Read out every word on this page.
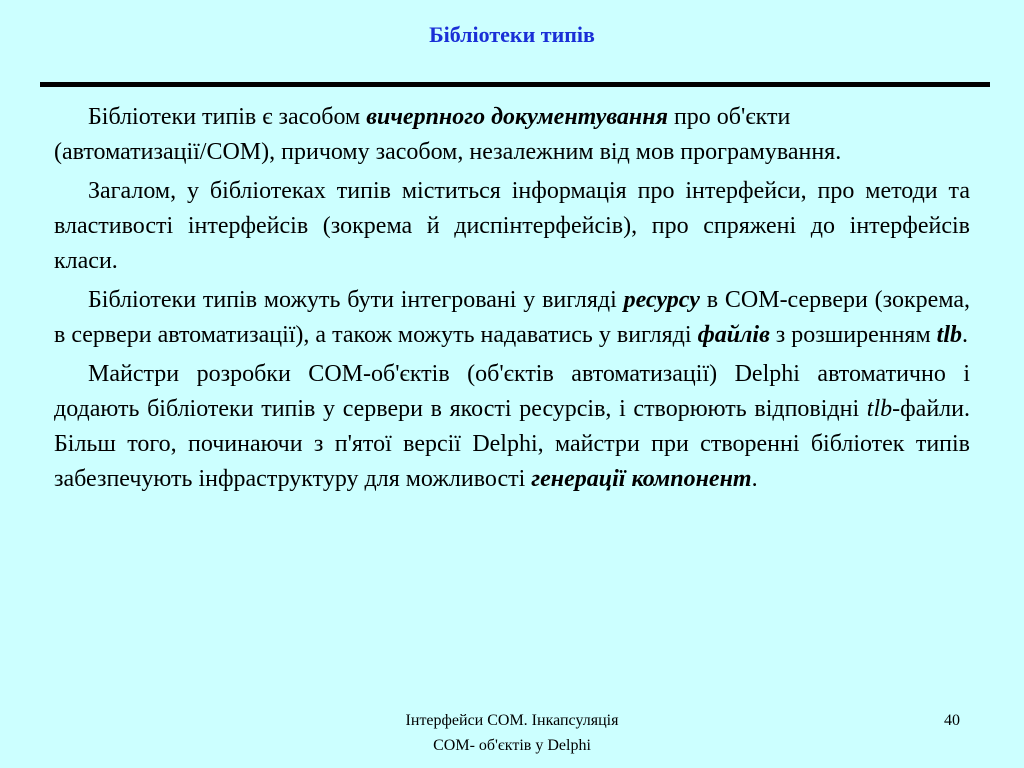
Бібліотеки типів

Бібліотеки типів є засобом вичерпного документування про об'єкти (автоматизації/COM), причому засобом, незалежним від мов програмування.

Загалом, у бібліотеках типів міститься інформація про інтерфейси, про методи та властивості інтерфейсів (зокрема й диспінтерфейсів), про спряжені до інтерфейсів класи.

Бібліотеки типів можуть бути інтегровані у вигляді ресурсу в COM-сервери (зокрема, в сервери автоматизації), а також можуть надаватись у вигляді файлів з розширенням tlb.

Майстри розробки COM-об'єктів (об'єктів автоматизації) Delphi автоматично і додають бібліотеки типів у сервери в якості ресурсів, і створюють відповідні tlb-файли. Більш того, починаючи з п'ятої версії Delphi, майстри при створенні бібліотек типів забезпечують інфраструктуру для можливості генерації компонент.

Інтерфейси COM. Інкапсуляція
COM- об'єктів у Delphi
40
